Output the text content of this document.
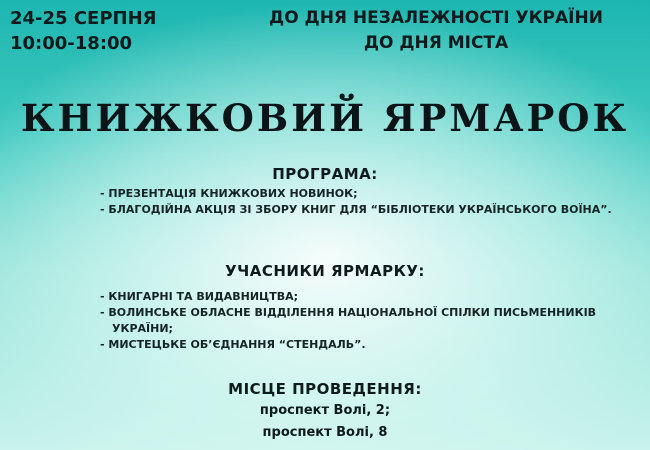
24-25 СЕРПНЯ
10:00-18:00
ДО ДНЯ НЕЗАЛЕЖНОСТІ УКРАЇНИ
ДО ДНЯ МІСТА
КНИЖКОВИЙ ЯРМАРОК
ПРОГРАМА:
- ПРЕЗЕНТАЦІЯ КНИЖКОВИХ НОВИНОК;
- БЛАГОДІЙНА АКЦІЯ ЗІ ЗБОРУ КНИГ ДЛЯ “БІБЛІОТЕКИ УКРАЇНСЬКОГО ВОЇНА”.
УЧАСНИКИ ЯРМАРКУ:
- КНИГАРНІ ТА ВИДАВНИЦТВА;
- ВОЛИНСЬКЕ ОБЛАСНЕ ВІДДІЛЕННЯ НАЦІОНАЛЬНОЇ СПІЛКИ ПИСЬМЕННИКІВ
УКРАЇНИ;
- МИСТЕЦЬКЕ ОБ’ЄДНАННЯ “СТЕНДАЛЬ”.
МІСЦЕ ПРОВЕДЕННЯ:
проспект Волі, 2;
проспект Волі, 8
